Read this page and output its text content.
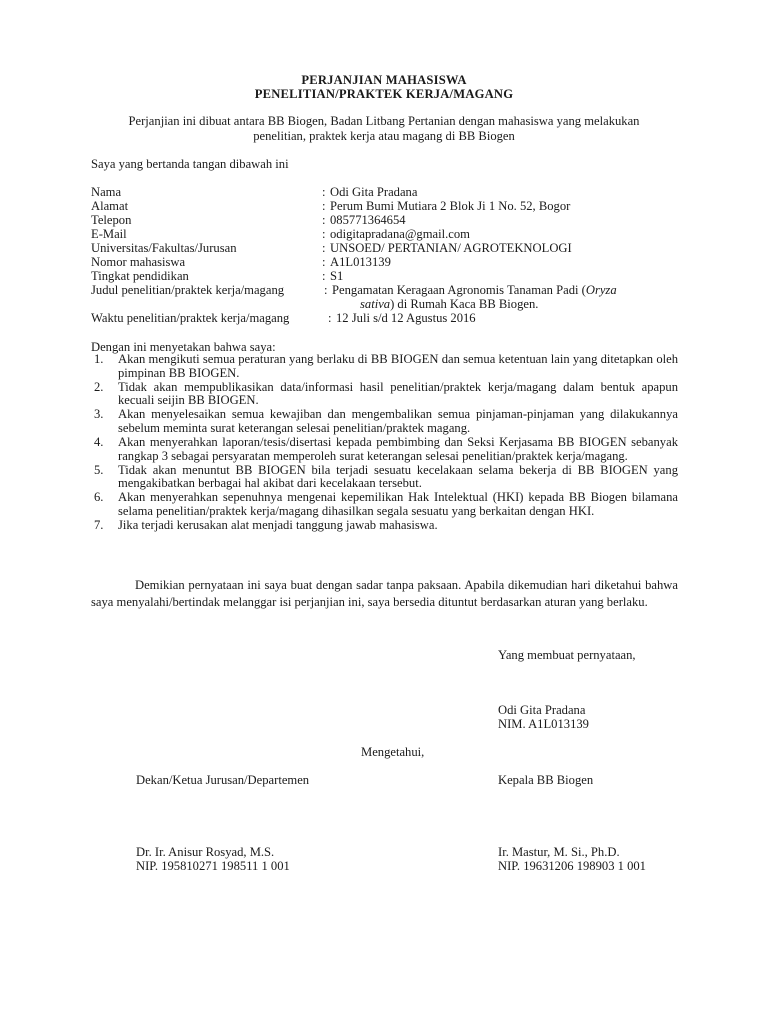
PERJANJIAN MAHASISWA
PENELITIAN/PRAKTEK KERJA/MAGANG
Perjanjian ini dibuat antara BB Biogen, Badan Litbang Pertanian dengan mahasiswa yang melakukan penelitian, praktek kerja atau magang di BB Biogen
Saya yang bertanda tangan dibawah ini
Nama	: Odi Gita Pradana
Alamat	: Perum Bumi Mutiara 2 Blok Ji 1 No. 52, Bogor
Telepon	: 085771364654
E-Mail	: odigitapradana@gmail.com
Universitas/Fakultas/Jurusan	: UNSOED/ PERTANIAN/ AGROTEKNOLOGI
Nomor mahasiswa	: A1L013139
Tingkat pendidikan	: S1
Judul penelitian/praktek kerja/magang	: Pengamatan Keragaan Agronomis Tanaman Padi (Oryza
sativa) di Rumah Kaca BB Biogen.
Waktu penelitian/praktek kerja/magang	: 12 Juli s/d 12 Agustus 2016
Dengan ini menyetakan bahwa saya:
1. Akan mengikuti semua peraturan yang berlaku di BB BIOGEN dan semua ketentuan lain yang ditetapkan oleh pimpinan BB BIOGEN.
2. Tidak akan mempublikasikan data/informasi hasil penelitian/praktek kerja/magang dalam bentuk apapun kecuali seijin BB BIOGEN.
3. Akan menyelesaikan semua kewajiban dan mengembalikan semua pinjaman-pinjaman yang dilakukannya sebelum meminta surat keterangan selesai penelitian/praktek magang.
4. Akan menyerahkan laporan/tesis/disertasi kepada pembimbing dan Seksi Kerjasama BB BIOGEN sebanyak rangkap 3 sebagai persyaratan memperoleh surat keterangan selesai penelitian/praktek kerja/magang.
5. Tidak akan menuntut BB BIOGEN bila terjadi sesuatu kecelakaan selama bekerja di BB BIOGEN yang mengakibatkan berbagai hal akibat dari kecelakaan tersebut.
6. Akan menyerahkan sepenuhnya mengenai kepemilikan Hak Intelektual (HKI) kepada BB Biogen bilamana selama penelitian/praktek kerja/magang dihasilkan segala sesuatu yang berkaitan dengan HKI.
7. Jika terjadi kerusakan alat menjadi tanggung jawab mahasiswa.
Demikian pernyataan ini saya buat dengan sadar tanpa paksaan. Apabila dikemudian hari diketahui bahwa saya menyalahi/bertindak melanggar isi perjanjian ini, saya bersedia dituntut berdasarkan aturan yang berlaku.
Yang membuat pernyataan,
Odi Gita Pradana
NIM. A1L013139
Mengetahui,
Dekan/Ketua Jurusan/Departemen	Kepala BB Biogen
Dr. Ir. Anisur Rosyad, M.S.
NIP. 195810271 198511 1 001
Ir. Mastur, M. Si., Ph.D.
NIP. 19631206 198903 1 001
